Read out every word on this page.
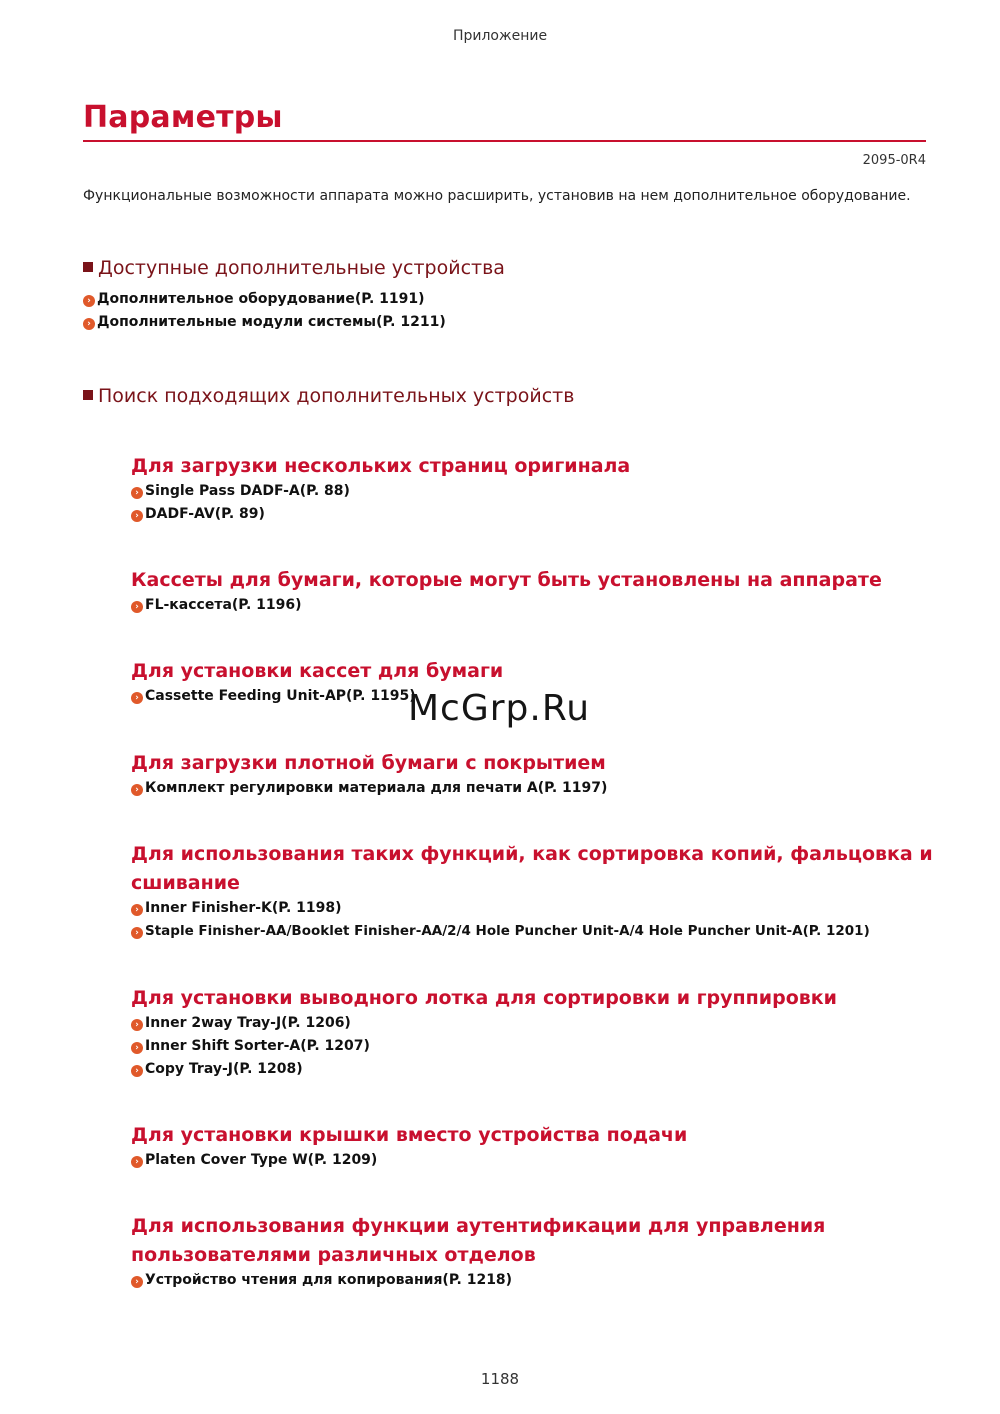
Приложение
Параметры
2095-0R4
Функциональные возможности аппарата можно расширить, установив на нем дополнительное оборудование.
Доступные дополнительные устройства
› Дополнительное оборудование(P. 1191)
› Дополнительные модули системы(P. 1211)
Поиск подходящих дополнительных устройств
Для загрузки нескольких страниц оригинала
› Single Pass DADF-A(P. 88)
› DADF-AV(P. 89)
Кассеты для бумаги, которые могут быть установлены на аппарате
› FL-кассета(P. 1196)
Для установки кассет для бумаги
› Cassette Feeding Unit-AP(P. 1195)
Для загрузки плотной бумаги с покрытием
› Комплект регулировки материала для печати A(P. 1197)
Для использования таких функций, как сортировка копий, фальцовка и
сшивание
› Inner Finisher-K(P. 1198)
› Staple Finisher-AA/Booklet Finisher-AA/2/4 Hole Puncher Unit-A/4 Hole Puncher Unit-A(P. 1201)
Для установки выводного лотка для сортировки и группировки
› Inner 2way Tray-J(P. 1206)
› Inner Shift Sorter-A(P. 1207)
› Copy Tray-J(P. 1208)
Для установки крышки вместо устройства подачи
› Platen Cover Type W(P. 1209)
Для использования функции аутентификации для управления
пользователями различных отделов
› Устройство чтения для копирования(P. 1218)
McGrp.Ru
1188
